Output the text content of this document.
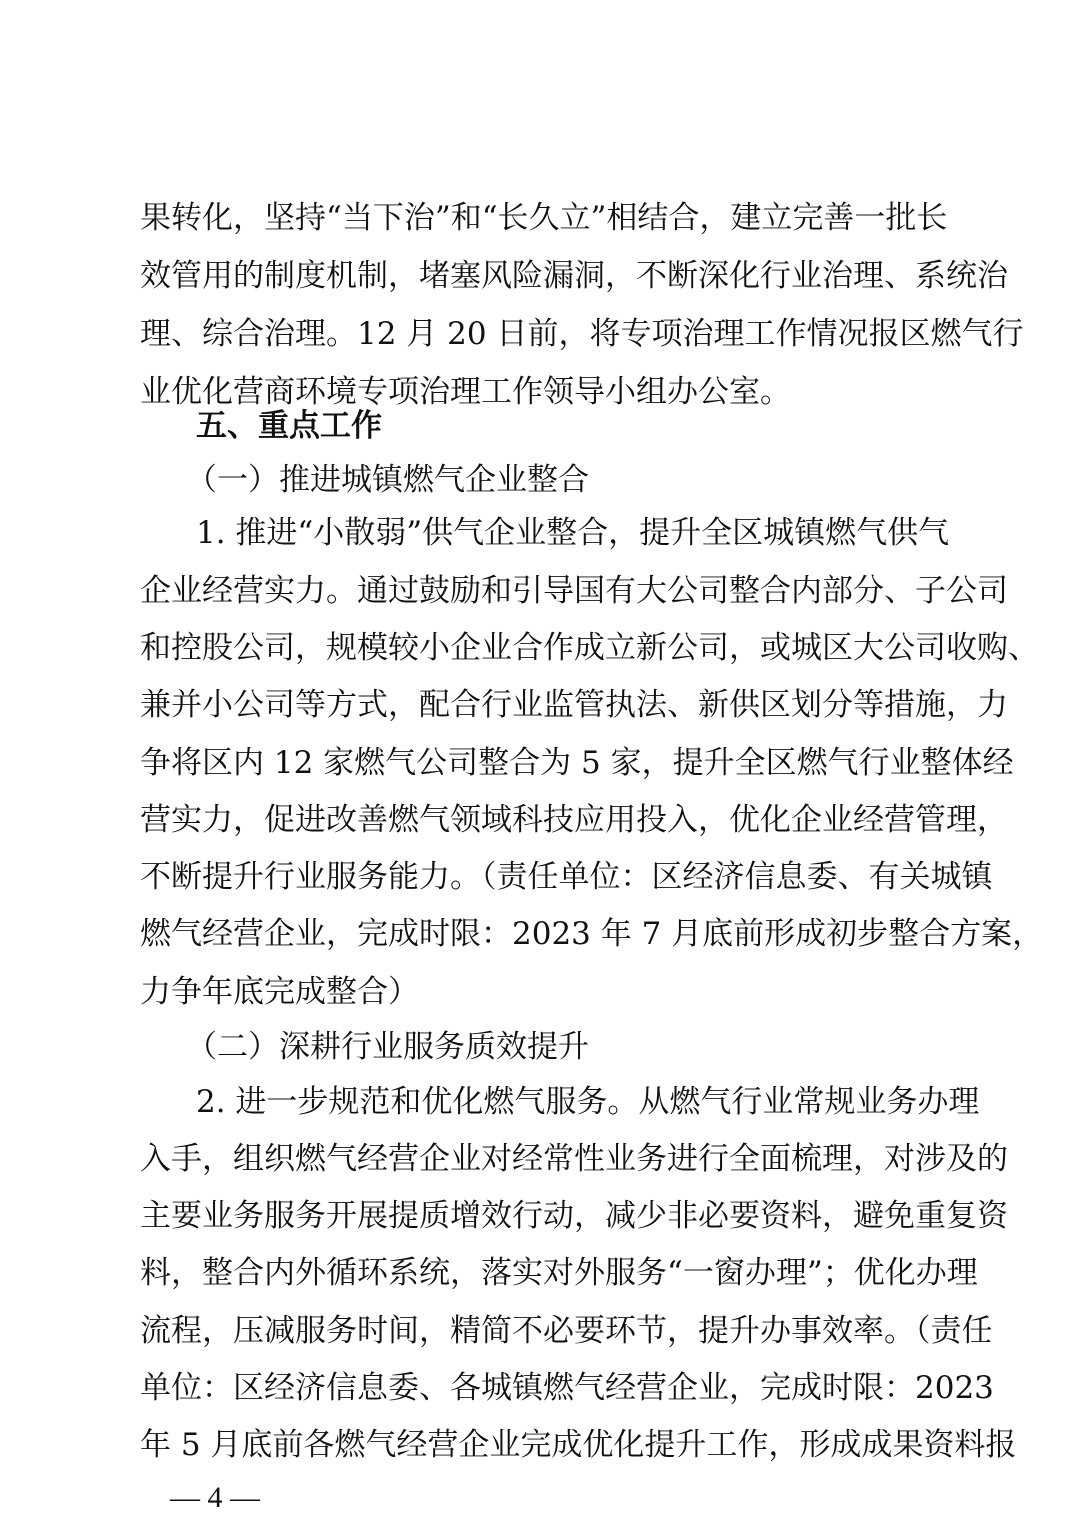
果转化，坚持“当下治”和“长久立”相结合，建立完善一批长
效管用的制度机制，堵塞风险漏洞，不断深化行业治理、系统治
理、综合治理。12 月 20 日前，将专项治理工作情况报区燃气行
业优化营商环境专项治理工作领导小组办公室。
五、重点工作
（一）推进城镇燃气企业整合
1. 推进“小散弱”供气企业整合，提升全区城镇燃气供气
企业经营实力。通过鼓励和引导国有大公司整合内部分、子公司
和控股公司，规模较小企业合作成立新公司，或城区大公司收购、
兼并小公司等方式，配合行业监管执法、新供区划分等措施，力
争将区内 12 家燃气公司整合为 5 家，提升全区燃气行业整体经
营实力，促进改善燃气领域科技应用投入，优化企业经营管理，
不断提升行业服务能力。（责任单位：区经济信息委、有关城镇
燃气经营企业，完成时限：2023 年 7 月底前形成初步整合方案，
力争年底完成整合）
（二）深耕行业服务质效提升
2. 进一步规范和优化燃气服务。从燃气行业常规业务办理
入手，组织燃气经营企业对经常性业务进行全面梳理，对涉及的
主要业务服务开展提质增效行动，减少非必要资料，避免重复资
料，整合内外循环系统，落实对外服务“一窗办理”；优化办理
流程，压减服务时间，精简不必要环节，提升办事效率。（责任
单位：区经济信息委、各城镇燃气经营企业，完成时限：2023
年 5 月底前各燃气经营企业完成优化提升工作，形成成果资料报
— 4 —
